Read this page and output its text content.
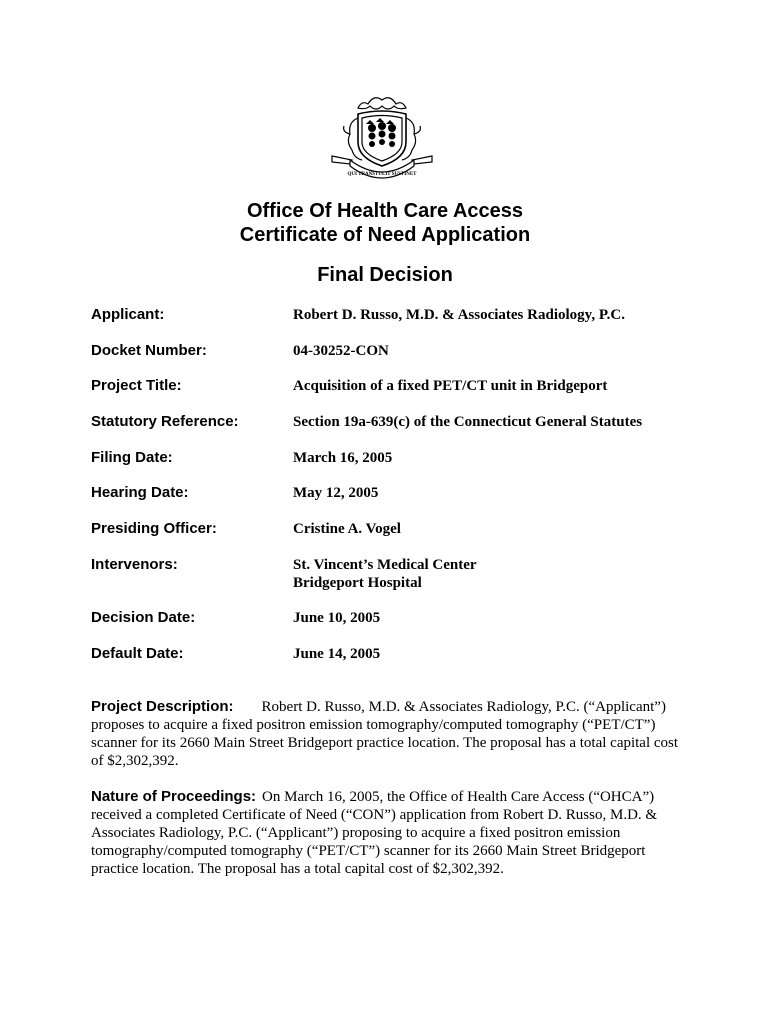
QUI TRANSTULIT SUSTINET
Office Of Health Care Access
Certificate of Need Application
Final Decision
Applicant:	Robert D. Russo, M.D. & Associates Radiology, P.C.
Docket Number:	04-30252-CON
Project Title:	Acquisition of a fixed PET/CT unit in Bridgeport
Statutory Reference:	Section 19a-639(c) of the Connecticut General Statutes
Filing Date:	March 16, 2005
Hearing Date:	May 12, 2005
Presiding Officer:	Cristine A. Vogel
Intervenors:	St. Vincent’s Medical Center
Bridgeport Hospital
Decision Date:	June 10, 2005
Default Date:	June 14, 2005
Project Description: Robert D. Russo, M.D. & Associates Radiology, P.C. (“Applicant”)
proposes to acquire a fixed positron emission tomography/computed tomography (“PET/CT”)
scanner for its 2660 Main Street Bridgeport practice location. The proposal has a total capital cost
of $2,302,392.
Nature of Proceedings: On March 16, 2005, the Office of Health Care Access (“OHCA”)
received a completed Certificate of Need (“CON”) application from Robert D. Russo, M.D. &
Associates Radiology, P.C. (“Applicant”) proposing to acquire a fixed positron emission
tomography/computed tomography (“PET/CT”) scanner for its 2660 Main Street Bridgeport
practice location. The proposal has a total capital cost of $2,302,392.
